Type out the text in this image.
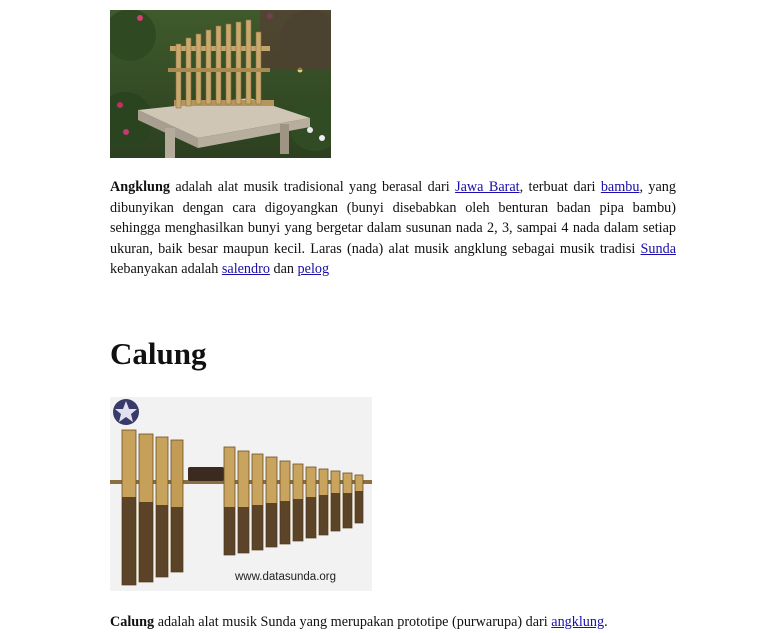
Angklung adalah alat musik tradisional yang berasal dari Jawa Barat, terbuat dari bambu, yang dibunyikan dengan cara digoyangkan (bunyi disebabkan oleh benturan badan pipa bambu) sehingga menghasilkan bunyi yang bergetar dalam susunan nada 2, 3, sampai 4 nada dalam setiap ukuran, baik besar maupun kecil. Laras (nada) alat musik angklung sebagai musik tradisi Sunda kebanyakan adalah salendro dan pelog

Calung
www.datasunda.org

Calung adalah alat musik Sunda yang merupakan prototipe (purwarupa) dari angklung.
